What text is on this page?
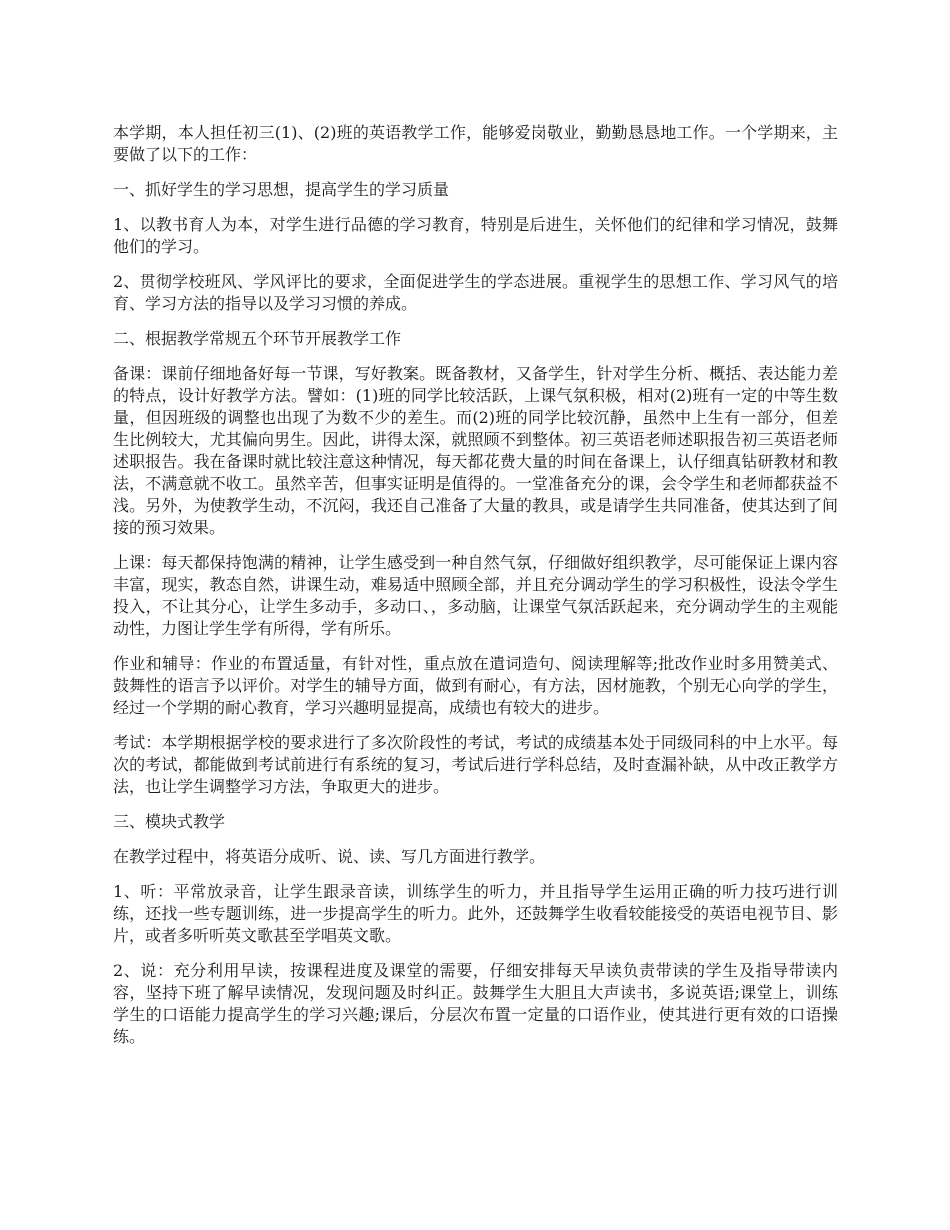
本学期，本人担任初三(1)、(2)班的英语教学工作，能够爱岗敬业，勤勤恳恳地工作。一个学期来，主要做了以下的工作：

一、抓好学生的学习思想，提高学生的学习质量

1、以教书育人为本，对学生进行品德的学习教育，特别是后进生，关怀他们的纪律和学习情况，鼓舞他们的学习。

2、贯彻学校班风、学风评比的要求，全面促进学生的学态进展。重视学生的思想工作、学习风气的培育、学习方法的指导以及学习习惯的养成。

二、根据教学常规五个环节开展教学工作

备课：课前仔细地备好每一节课，写好教案。既备教材，又备学生，针对学生分析、概括、表达能力差的特点，设计好教学方法。譬如：(1)班的同学比较活跃，上课气氛积极，相对(2)班有一定的中等生数量，但因班级的调整也出现了为数不少的差生。而(2)班的同学比较沉静，虽然中上生有一部分，但差生比例较大，尤其偏向男生。因此，讲得太深，就照顾不到整体。初三英语老师述职报告初三英语老师述职报告。我在备课时就比较注意这种情况，每天都花费大量的时间在备课上，认仔细真钻研教材和教法，不满意就不收工。虽然辛苦，但事实证明是值得的。一堂准备充分的课，会令学生和老师都获益不浅。另外，为使教学生动，不沉闷，我还自己准备了大量的教具，或是请学生共同准备，使其达到了间接的预习效果。

上课：每天都保持饱满的精神，让学生感受到一种自然气氛，仔细做好组织教学，尽可能保证上课内容丰富，现实，教态自然，讲课生动，难易适中照顾全部，并且充分调动学生的学习积极性，设法令学生投入，不让其分心，让学生多动手，多动口、，多动脑，让课堂气氛活跃起来，充分调动学生的主观能动性，力图让学生学有所得，学有所乐。

作业和辅导：作业的布置适量，有针对性，重点放在遣词造句、阅读理解等;批改作业时多用赞美式、鼓舞性的语言予以评价。对学生的辅导方面，做到有耐心，有方法，因材施教，个别无心向学的学生，经过一个学期的耐心教育，学习兴趣明显提高，成绩也有较大的进步。

考试：本学期根据学校的要求进行了多次阶段性的考试，考试的成绩基本处于同级同科的中上水平。每次的考试，都能做到考试前进行有系统的复习，考试后进行学科总结，及时查漏补缺，从中改正教学方法，也让学生调整学习方法，争取更大的进步。

三、模块式教学

在教学过程中，将英语分成听、说、读、写几方面进行教学。

1、听：平常放录音，让学生跟录音读，训练学生的听力，并且指导学生运用正确的听力技巧进行训练，还找一些专题训练，进一步提高学生的听力。此外，还鼓舞学生收看较能接受的英语电视节目、影片，或者多听听英文歌甚至学唱英文歌。

2、说：充分利用早读，按课程进度及课堂的需要，仔细安排每天早读负责带读的学生及指导带读内容，坚持下班了解早读情况，发现问题及时纠正。鼓舞学生大胆且大声读书，多说英语;课堂上，训练学生的口语能力提高学生的学习兴趣;课后，分层次布置一定量的口语作业，使其进行更有效的口语操练。
